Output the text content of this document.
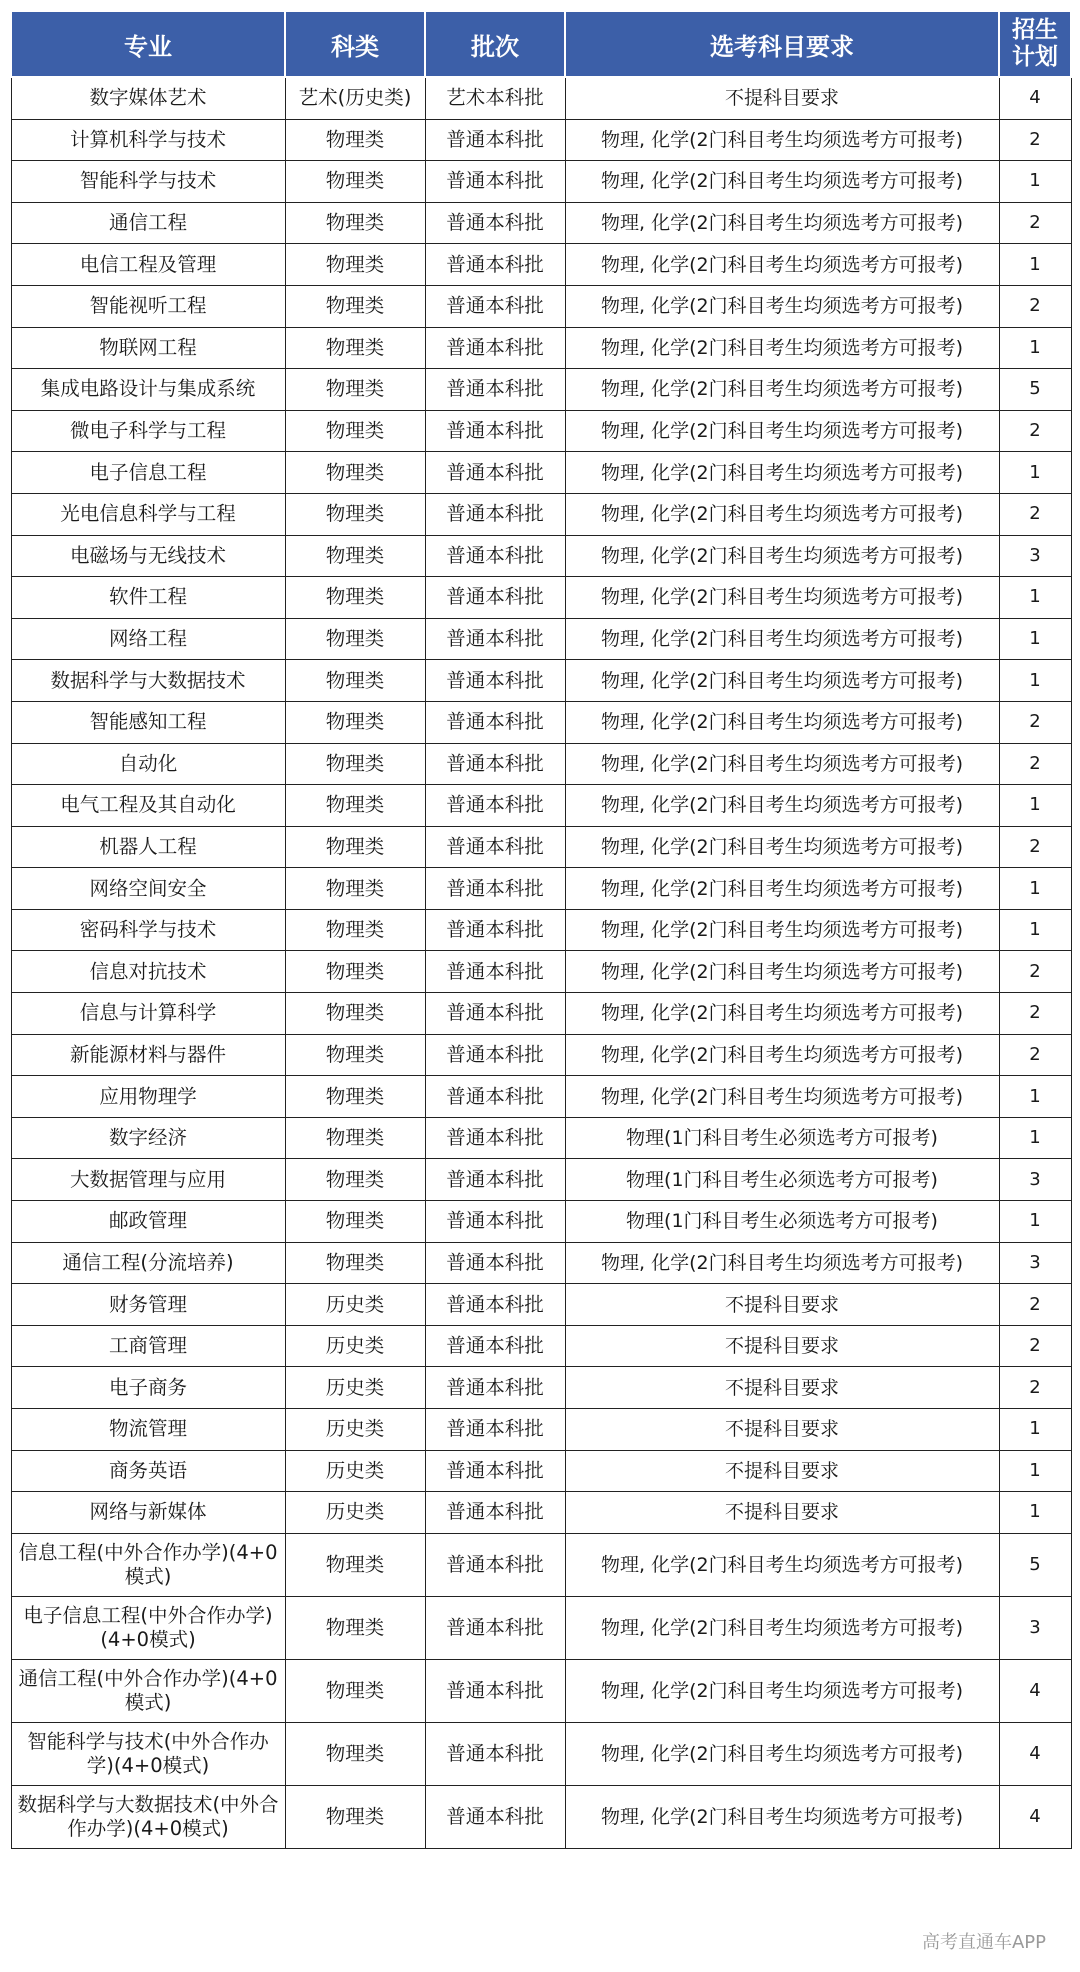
专业	科类	批次	选考科目要求	招生计划
数字媒体艺术	艺术(历史类)	艺术本科批	不提科目要求	4
计算机科学与技术	物理类	普通本科批	物理, 化学(2门科目考生均须选考方可报考)	2
智能科学与技术	物理类	普通本科批	物理, 化学(2门科目考生均须选考方可报考)	1
通信工程	物理类	普通本科批	物理, 化学(2门科目考生均须选考方可报考)	2
电信工程及管理	物理类	普通本科批	物理, 化学(2门科目考生均须选考方可报考)	1
智能视听工程	物理类	普通本科批	物理, 化学(2门科目考生均须选考方可报考)	2
物联网工程	物理类	普通本科批	物理, 化学(2门科目考生均须选考方可报考)	1
集成电路设计与集成系统	物理类	普通本科批	物理, 化学(2门科目考生均须选考方可报考)	5
微电子科学与工程	物理类	普通本科批	物理, 化学(2门科目考生均须选考方可报考)	2
电子信息工程	物理类	普通本科批	物理, 化学(2门科目考生均须选考方可报考)	1
光电信息科学与工程	物理类	普通本科批	物理, 化学(2门科目考生均须选考方可报考)	2
电磁场与无线技术	物理类	普通本科批	物理, 化学(2门科目考生均须选考方可报考)	3
软件工程	物理类	普通本科批	物理, 化学(2门科目考生均须选考方可报考)	1
网络工程	物理类	普通本科批	物理, 化学(2门科目考生均须选考方可报考)	1
数据科学与大数据技术	物理类	普通本科批	物理, 化学(2门科目考生均须选考方可报考)	1
智能感知工程	物理类	普通本科批	物理, 化学(2门科目考生均须选考方可报考)	2
自动化	物理类	普通本科批	物理, 化学(2门科目考生均须选考方可报考)	2
电气工程及其自动化	物理类	普通本科批	物理, 化学(2门科目考生均须选考方可报考)	1
机器人工程	物理类	普通本科批	物理, 化学(2门科目考生均须选考方可报考)	2
网络空间安全	物理类	普通本科批	物理, 化学(2门科目考生均须选考方可报考)	1
密码科学与技术	物理类	普通本科批	物理, 化学(2门科目考生均须选考方可报考)	1
信息对抗技术	物理类	普通本科批	物理, 化学(2门科目考生均须选考方可报考)	2
信息与计算科学	物理类	普通本科批	物理, 化学(2门科目考生均须选考方可报考)	2
新能源材料与器件	物理类	普通本科批	物理, 化学(2门科目考生均须选考方可报考)	2
应用物理学	物理类	普通本科批	物理, 化学(2门科目考生均须选考方可报考)	1
数字经济	物理类	普通本科批	物理(1门科目考生必须选考方可报考)	1
大数据管理与应用	物理类	普通本科批	物理(1门科目考生必须选考方可报考)	3
邮政管理	物理类	普通本科批	物理(1门科目考生必须选考方可报考)	1
通信工程(分流培养)	物理类	普通本科批	物理, 化学(2门科目考生均须选考方可报考)	3
财务管理	历史类	普通本科批	不提科目要求	2
工商管理	历史类	普通本科批	不提科目要求	2
电子商务	历史类	普通本科批	不提科目要求	2
物流管理	历史类	普通本科批	不提科目要求	1
商务英语	历史类	普通本科批	不提科目要求	1
网络与新媒体	历史类	普通本科批	不提科目要求	1
信息工程(中外合作办学)(4+0模式)	物理类	普通本科批	物理, 化学(2门科目考生均须选考方可报考)	5
电子信息工程(中外合作办学)(4+0模式)	物理类	普通本科批	物理, 化学(2门科目考生均须选考方可报考)	3
通信工程(中外合作办学)(4+0模式)	物理类	普通本科批	物理, 化学(2门科目考生均须选考方可报考)	4
智能科学与技术(中外合作办学)(4+0模式)	物理类	普通本科批	物理, 化学(2门科目考生均须选考方可报考)	4
数据科学与大数据技术(中外合作办学)(4+0模式)	物理类	普通本科批	物理, 化学(2门科目考生均须选考方可报考)	4
高考直通车APP
